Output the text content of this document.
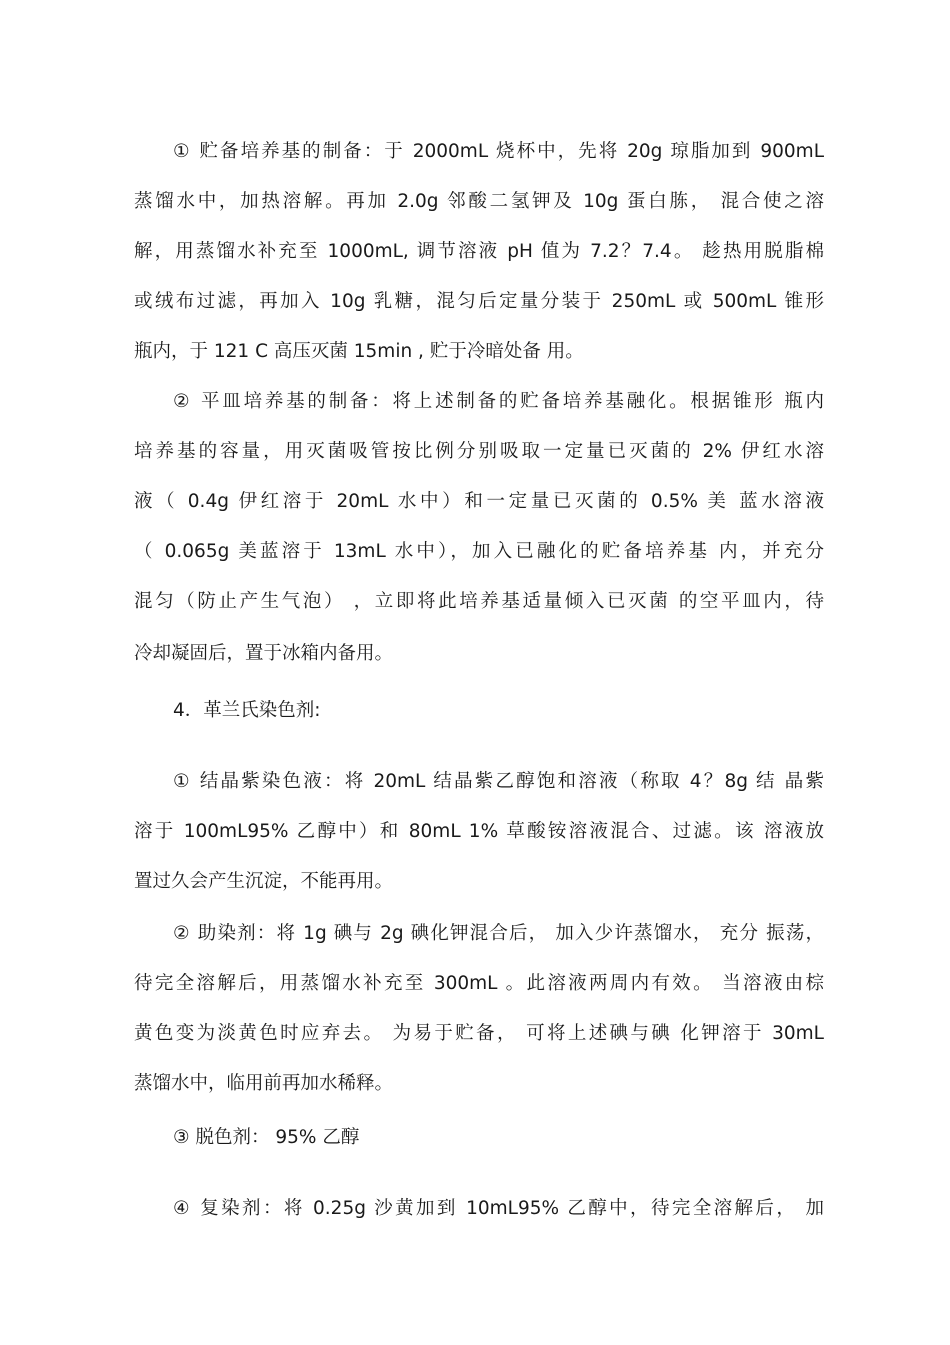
① 贮备培养基的制备：于 2000mL 烧杯中，先将 20g 琼脂加到 900mL
蒸馏水中，加热溶解。再加 2.0g 邻酸二氢钾及 10g 蛋白胨， 混合使之溶
解，用蒸馏水补充至 1000mL, 调节溶液 pH 值为 7.2？7.4。 趁热用脱脂棉
或绒布过滤，再加入 10g 乳糖，混匀后定量分装于 250mL 或 500mL 锥形
瓶内，于 121 C 高压灭菌 15min , 贮于冷暗处备 用。
② 平皿培养基的制备：将上述制备的贮备培养基融化。根据锥形 瓶内
培养基的容量，用灭菌吸管按比例分别吸取一定量已灭菌的 2% 伊红水溶
液（ 0.4g 伊红溶于 20mL 水中）和一定量已灭菌的 0.5% 美 蓝水溶液
（ 0.065g 美蓝溶于 13mL 水中），加入已融化的贮备培养基 内，并充分
混匀（防止产生气泡） ，立即将此培养基适量倾入已灭菌 的空平皿内，待
冷却凝固后，置于冰箱内备用。
4．革兰氏染色剂:
① 结晶紫染色液：将 20mL 结晶紫乙醇饱和溶液（称取 4？8g 结 晶紫
溶于 100mL95% 乙醇中）和 80mL 1% 草酸铵溶液混合、过滤。该 溶液放
置过久会产生沉淀，不能再用。
② 助染剂：将 1g 碘与 2g 碘化钾混合后， 加入少许蒸馏水， 充分 振荡，
待完全溶解后，用蒸馏水补充至 300mL 。此溶液两周内有效。 当溶液由棕
黄色变为淡黄色时应弃去。 为易于贮备， 可将上述碘与碘 化钾溶于 30mL
蒸馏水中，临用前再加水稀释。
③ 脱色剂： 95% 乙醇
④ 复染剂：将 0.25g 沙黄加到 10mL95% 乙醇中，待完全溶解后， 加
